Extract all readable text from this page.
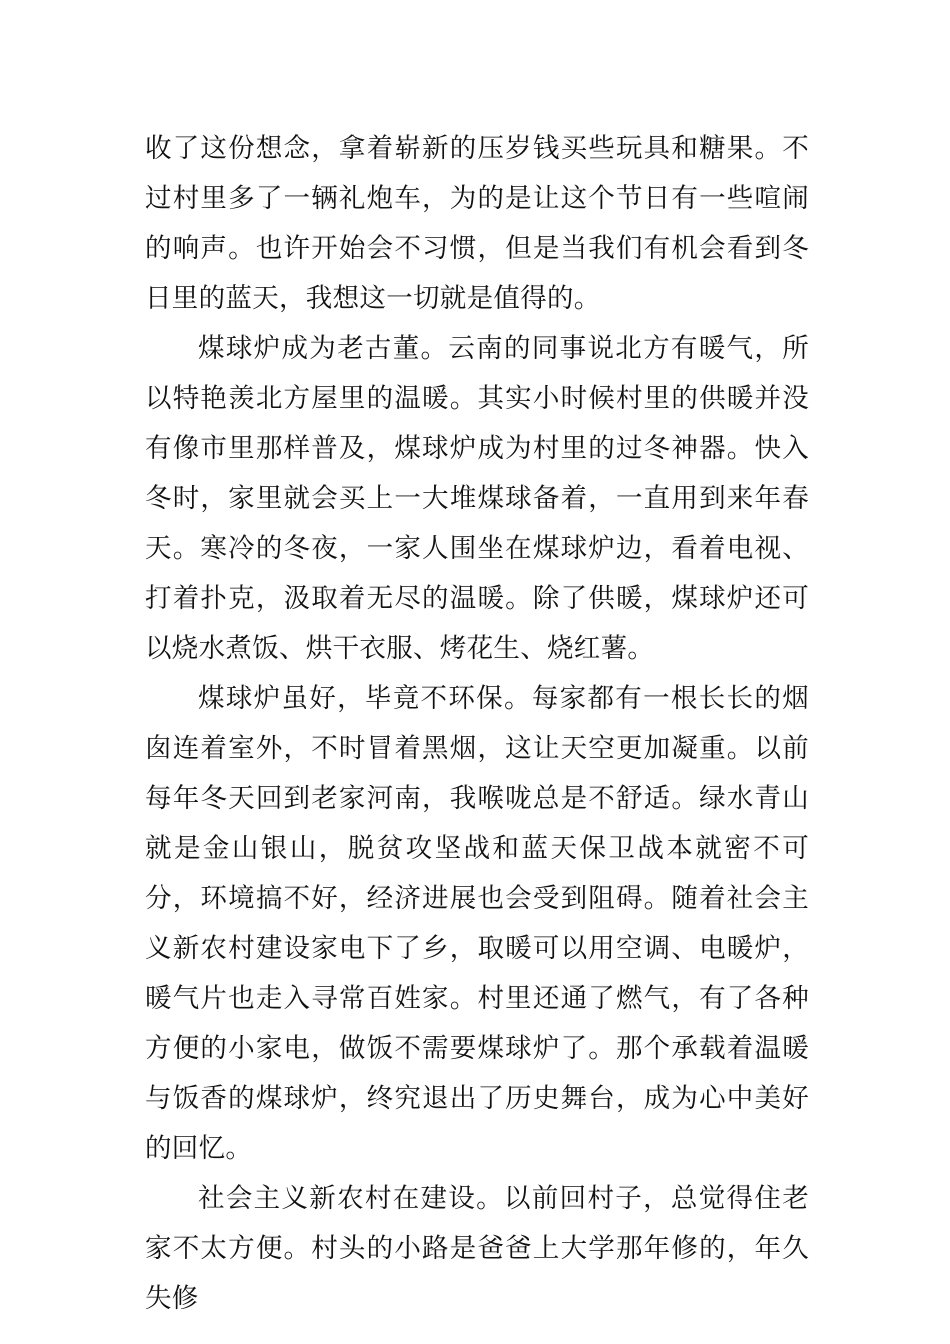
收了这份想念，拿着崭新的压岁钱买些玩具和糖果。不过村里多了一辆礼炮车，为的是让这个节日有一些喧闹的响声。也许开始会不习惯，但是当我们有机会看到冬日里的蓝天，我想这一切就是值得的。

煤球炉成为老古董。云南的同事说北方有暖气，所以特艳羡北方屋里的温暖。其实小时候村里的供暖并没有像市里那样普及，煤球炉成为村里的过冬神器。快入冬时，家里就会买上一大堆煤球备着，一直用到来年春天。寒冷的冬夜，一家人围坐在煤球炉边，看着电视、打着扑克，汲取着无尽的温暖。除了供暖，煤球炉还可以烧水煮饭、烘干衣服、烤花生、烧红薯。

煤球炉虽好，毕竟不环保。每家都有一根长长的烟囱连着室外，不时冒着黑烟，这让天空更加凝重。以前每年冬天回到老家河南，我喉咙总是不舒适。绿水青山就是金山银山，脱贫攻坚战和蓝天保卫战本就密不可分，环境搞不好，经济进展也会受到阻碍。随着社会主义新农村建设家电下了乡，取暖可以用空调、电暖炉，暖气片也走入寻常百姓家。村里还通了燃气，有了各种方便的小家电，做饭不需要煤球炉了。那个承载着温暖与饭香的煤球炉，终究退出了历史舞台，成为心中美好的回忆。

社会主义新农村在建设。以前回村子，总觉得住老家不太方便。村头的小路是爸爸上大学那年修的，年久失修
